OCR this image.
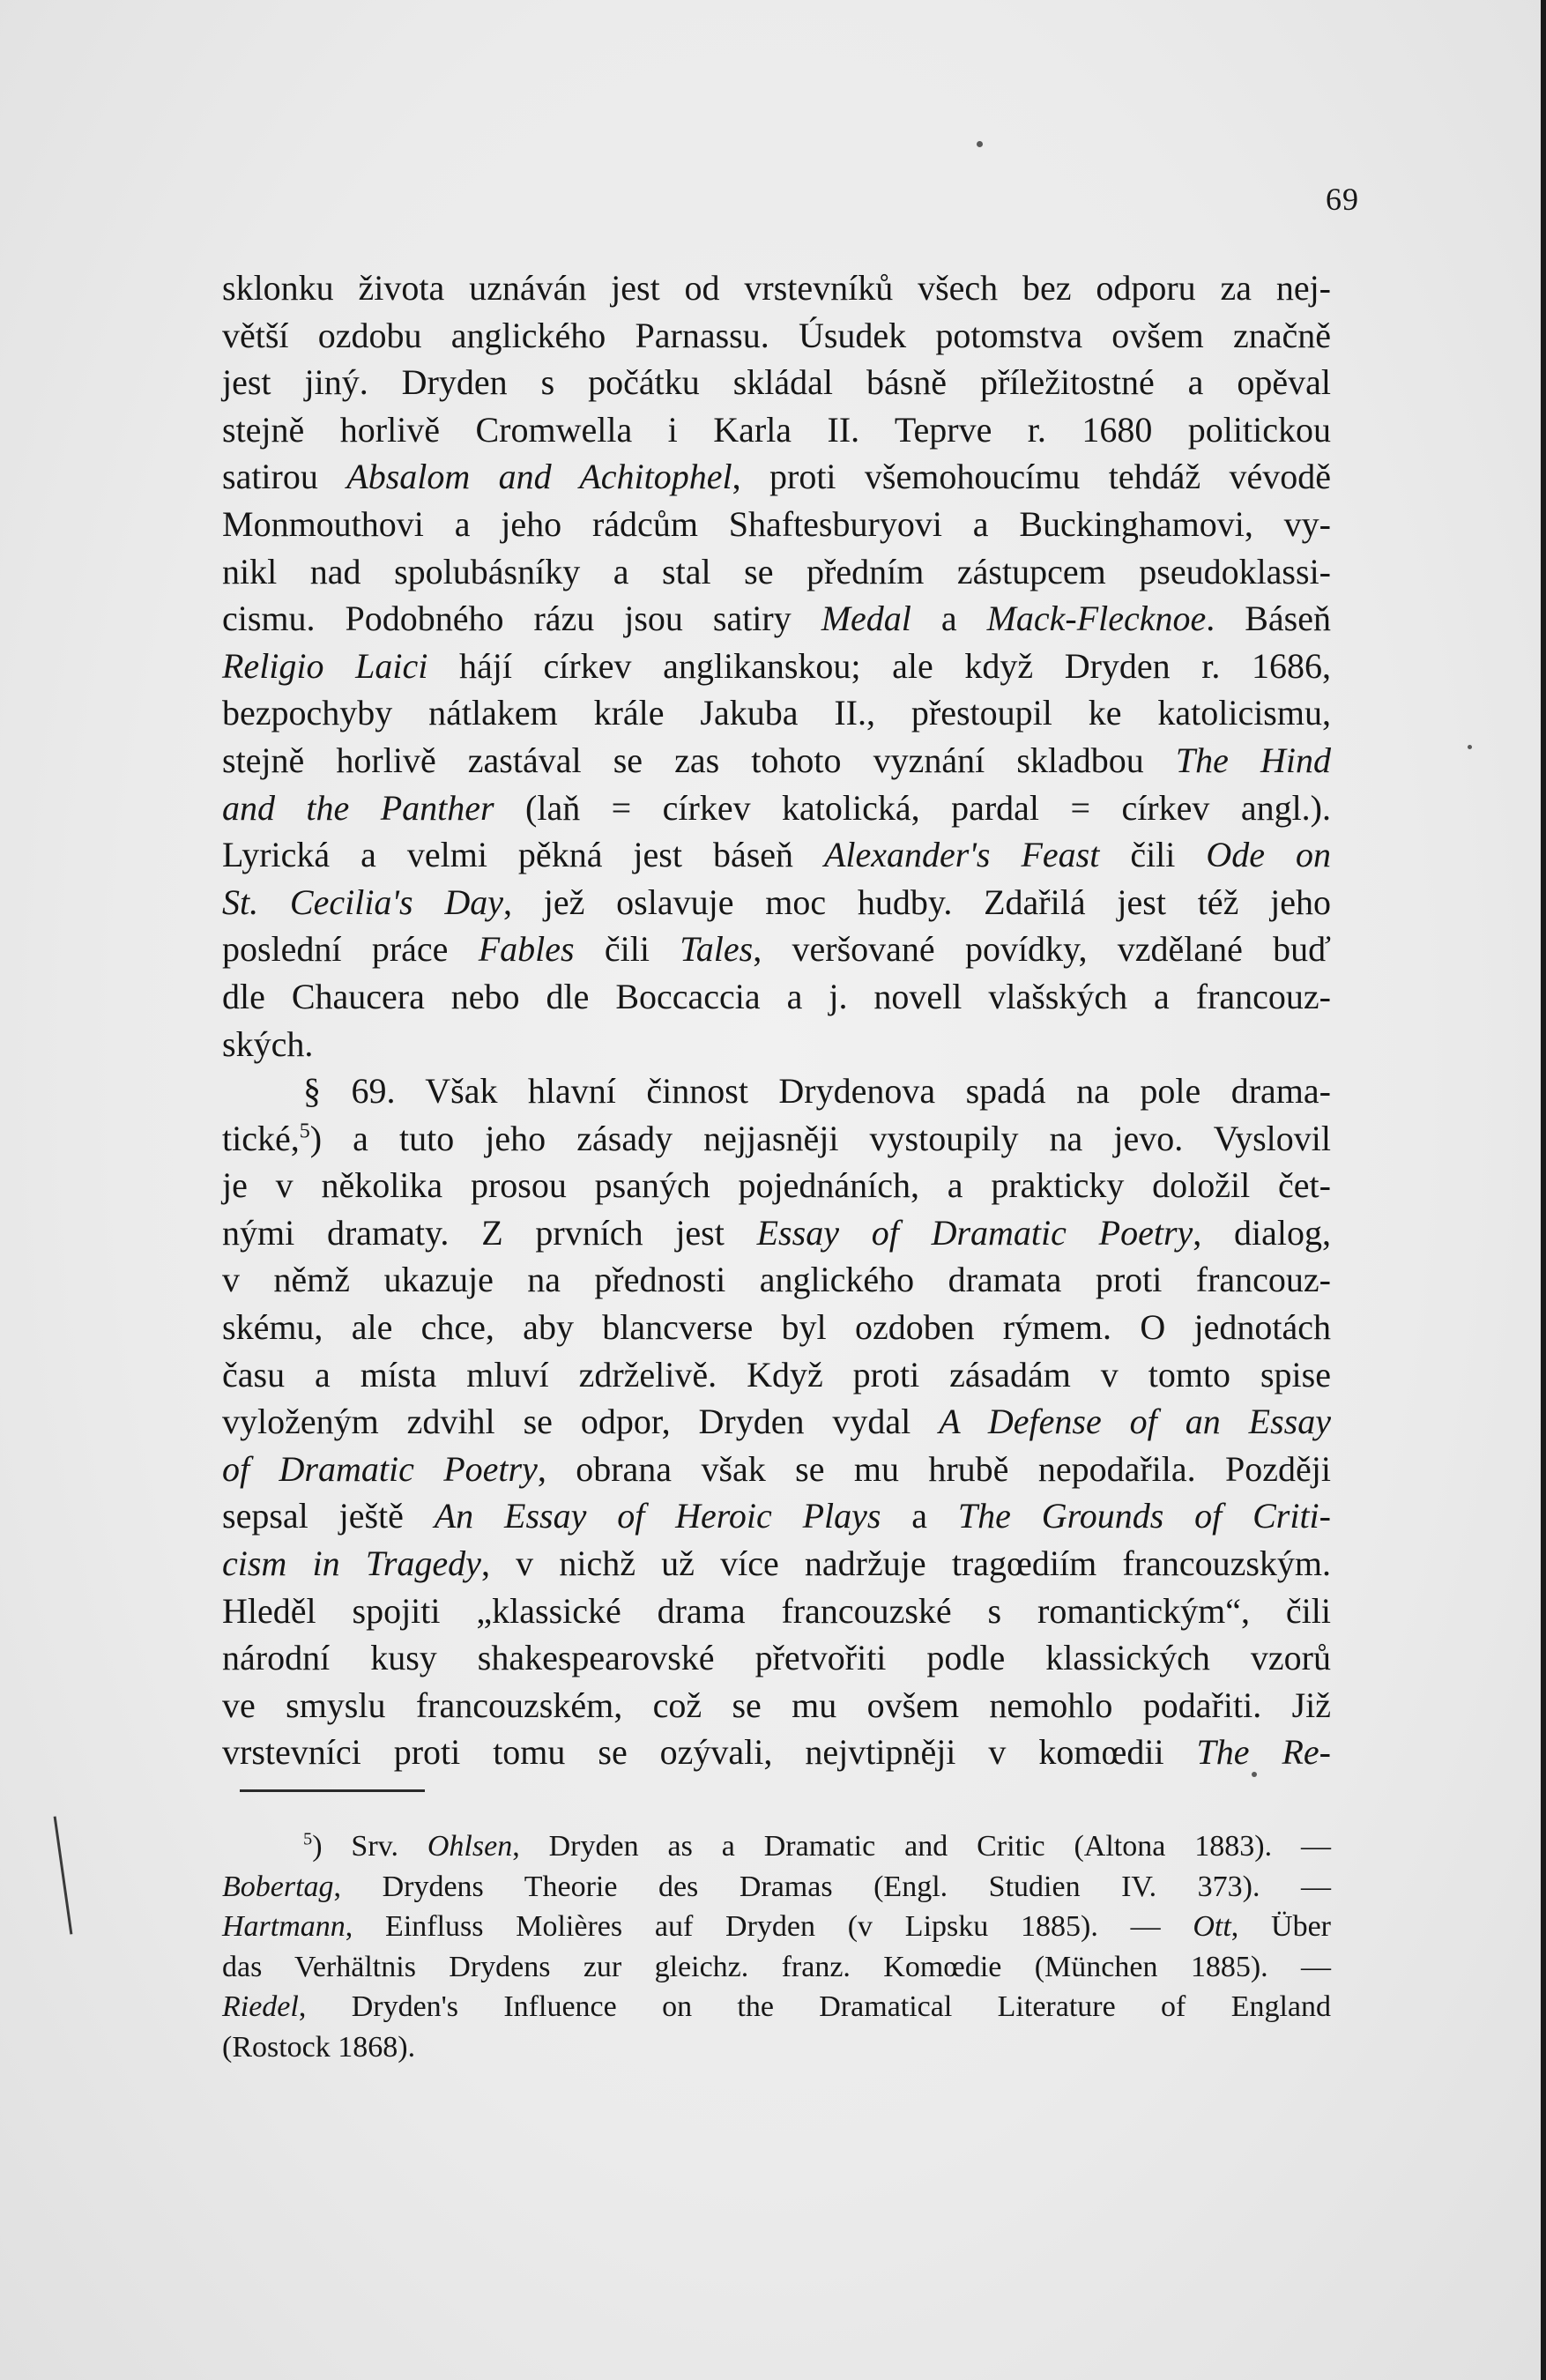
69
sklonku života uznáván jest od vrstevníků všech bez odporu za nej-
větší ozdobu anglického Parnassu. Úsudek potomstva ovšem značně
jest jiný. Dryden s počátku skládal básně příležitostné a opěval
stejně horlivě Cromwella i Karla II. Teprve r. 1680 politickou
satirou Absalom and Achitophel, proti všemohoucímu tehdáž vévodě
Monmouthovi a jeho rádcům Shaftesburyovi a Buckinghamovi, vy-
nikl nad spolubásníky a stal se předním zástupcem pseudoklassi-
cismu. Podobného rázu jsou satiry Medal a Mack-Flecknoe. Báseň
Religio Laici hájí církev anglikanskou; ale když Dryden r. 1686,
bezpochyby nátlakem krále Jakuba II., přestoupil ke katolicismu,
stejně horlivě zastával se zas tohoto vyznání skladbou The Hind
and the Panther (laň = církev katolická, pardal = církev angl.).
Lyrická a velmi pěkná jest báseň Alexander's Feast čili Ode on
St. Cecilia's Day, jež oslavuje moc hudby. Zdařilá jest též jeho
poslední práce Fables čili Tales, veršované povídky, vzdělané buď
dle Chaucera nebo dle Boccaccia a j. novell vlašských a francouz-
ských.
§ 69. Však hlavní činnost Drydenova spadá na pole drama-
tické,$^5$) a tuto jeho zásady nejjasněji vystoupily na jevo. Vyslovil
je v několika prosou psaných pojednáních, a prakticky doložil čet-
nými dramaty. Z prvních jest Essay of Dramatic Poetry, dialog,
v němž ukazuje na přednosti anglického dramata proti francouz-
skému, ale chce, aby blancverse byl ozdoben rýmem. O jednotách
času a místa mluví zdrželivě. Když proti zásadám v tomto spise
vyloženým zdvihl se odpor, Dryden vydal A Defense of an Essay
of Dramatic Poetry, obrana však se mu hrubě nepodařila. Později
sepsal ještě An Essay of Heroic Plays a The Grounds of Criti-
cism in Tragedy, v nichž už více nadržuje tragœdiím francouzským.
Hleděl spojiti „klassické drama francouzské s romantickým“, čili
národní kusy shakespearovské přetvořiti podle klassických vzorů
ve smyslu francouzském, což se mu ovšem nemohlo podařiti. Již
vrstevníci proti tomu se ozývali, nejvtipněji v komœdii The Re-
$^5$) Srv. Ohlsen, Dryden as a Dramatic and Critic (Altona 1883). —
Bobertag, Drydens Theorie des Dramas (Engl. Studien IV. 373). —
Hartmann, Einfluss Molières auf Dryden (v Lipsku 1885). — Ott, Über
das Verhältnis Drydens zur gleichz. franz. Komœdie (München 1885). —
Riedel, Dryden's Influence on the Dramatical Literature of England
(Rostock 1868).
